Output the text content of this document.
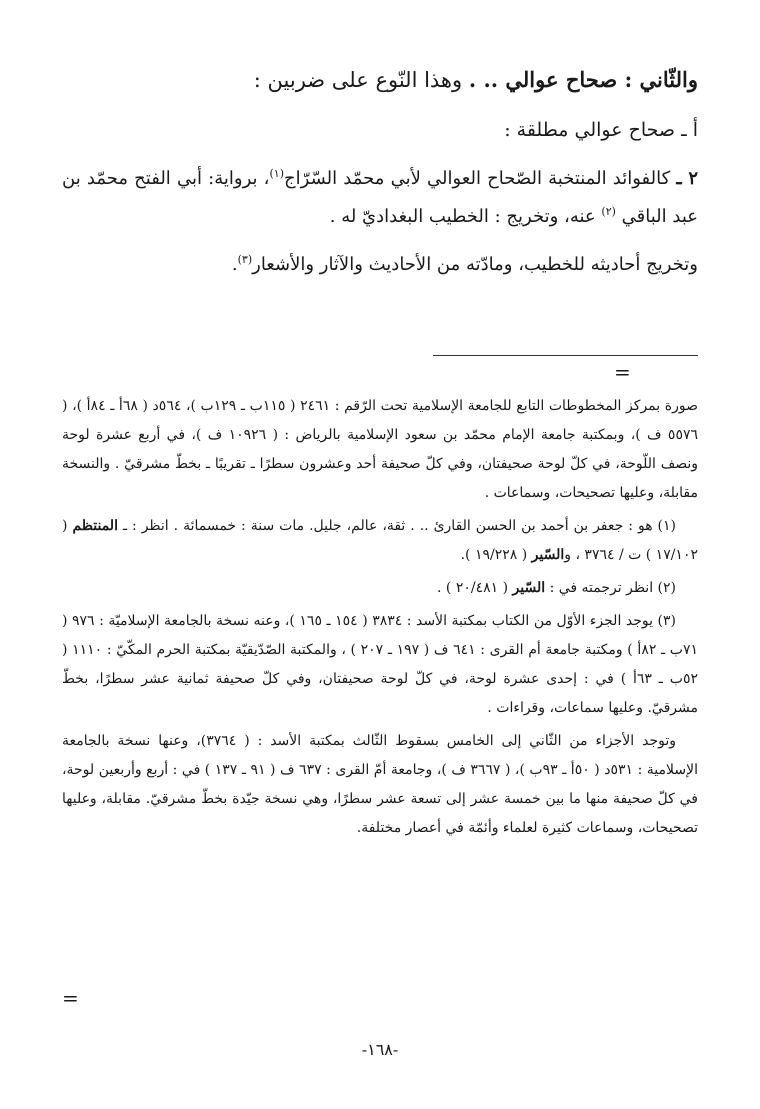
والثّاني : صحاح عوالي .. . وهذا النّوع على ضربين :

أ ـ صحاح عوالي مطلقة :

٢ ـ كالفوائد المنتخبة الصّحاح العوالي لأبي محمّد السّرّاج$^{(١)}$، برواية: أبي الفتح محمّد بن عبد الباقي $^{(٢)}$ عنه، وتخريج : الخطيب البغداديّ له .

وتخريج أحاديثه للخطيب، ومادّته من الأحاديث والآثار والأشعار$^{(٣)}$.

=

صورة بمركز المخطوطات التابع للجامعة الإسلامية تحت الرّقم : ٢٤٦١ ( ١١٥ب ـ ١٢٩ب )، ٥٦٤د ( ٦٨أ ـ ٨٤أ )، ( ٥٥٧٦ ف )، وبمكتبة جامعة الإمام محمّد بن سعود الإسلامية بالرياض : ( ١٠٩٢٦ ف )، في أربع عشرة لوحة ونصف اللّوحة، في كلّ لوحة صحيفتان، وفي كلّ صحيفة أحد وعشرون سطرًا ـ تقريبًا ـ بخطّ مشرقيّ . والنسخة مقابلة، وعليها تصحيحات، وسماعات .

(١) هو : جعفر بن أحمد بن الحسن القارئ .. . ثقة، عالم، جليل. مات سنة : خمسمائة . انظر : ـ المنتظم ( ١٧/١٠٢ ) ت / ٣٧٦٤ ، والسّير ( ١٩/٢٢٨ ).

(٢) انظر ترجمته في : السّير ( ٢٠/٤٨١ ) .

(٣) يوجد الجزء الأوّل من الكتاب بمكتبة الأسد : ٣٨٣٤ ( ١٥٤ ـ ١٦٥ )، وعنه نسخة بالجامعة الإسلاميّة : ٩٧٦ ( ٧١ب ـ ٨٢أ ) ومكتبة جامعة أم القرى : ٦٤١ ف ( ١٩٧ ـ ٢٠٧ ) ، والمكتبة الصّدّيقيّة بمكتبة الحرم المكّيّ : ١١١٠ ( ٥٢ب ـ ٦٣أ ) في : إحدى عشرة لوحة، في كلّ لوحة صحيفتان، وفي كلّ صحيفة ثمانية عشر سطرًا، بخطّ مشرقيّ. وعليها سماعات، وقراءات .

وتوجد الأجزاء من الثّاني إلى الخامس بسقوط الثّالث بمكتبة الأسد : ( ٣٧٦٤)، وعنها نسخة بالجامعة الإسلامية : ٥٣١د ( ٥٠أ ـ ٩٣ب )، ( ٣٦٦٧ ف )، وجامعة أمّ القرى : ٦٣٧ ف ( ٩١ ـ ١٣٧ ) في : أربع وأربعين لوحة، في كلّ صحيفة منها ما بين خمسة عشر إلى تسعة عشر سطرًا، وهي نسخة جيّدة بخطّ مشرقيّ. مقابلة، وعليها تصحيحات، وسماعات كثيرة لعلماء وأئمّة في أعصار مختلفة.

=
-١٦٨-
